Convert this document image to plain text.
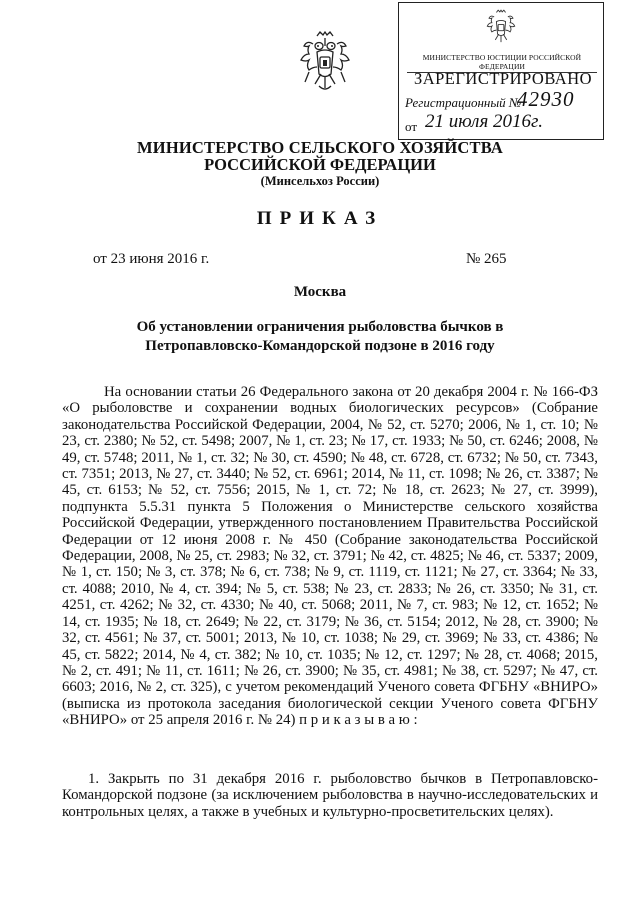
МИНИСТЕРСТВО ЮСТИЦИИ РОССИЙСКОЙ ФЕДЕРАЦИИ
ЗАРЕГИСТРИРОВАНО
Регистрационный №
42930
от 21 июля 2016г.
МИНИСТЕРСТВО СЕЛЬСКОГО ХОЗЯЙСТВА
РОССИЙСКОЙ ФЕДЕРАЦИИ
(Минсельхоз России)
ПРИКАЗ
от 23 июня 2016 г.	№ 265
Москва
Об установлении ограничения рыболовства бычков в Петропавловско-Командорской подзоне в 2016 году

На основании статьи 26 Федерального закона от 20 декабря 2004 г. № 166-ФЗ «О рыболовстве и сохранении водных биологических ресурсов» (Собрание законодательства Российской Федерации, 2004, № 52, ст. 5270; 2006, № 1, ст. 10; № 23, ст. 2380; № 52, ст. 5498; 2007, № 1, ст. 23; № 17, ст. 1933; № 50, ст. 6246; 2008, № 49, ст. 5748; 2011, № 1, ст. 32; № 30, ст. 4590; № 48, ст. 6728, ст. 6732; № 50, ст. 7343, ст. 7351; 2013, № 27, ст. 3440; № 52, ст. 6961; 2014, № 11, ст. 1098; № 26, ст. 3387; № 45, ст. 6153; № 52, ст. 7556; 2015, № 1, ст. 72; № 18, ст. 2623; № 27, ст. 3999), подпункта 5.5.31 пункта 5 Положения о Министерстве сельского хозяйства Российской Федерации, утвержденного постановлением Правительства Российской Федерации от 12 июня 2008 г. № 450 (Собрание законодательства Российской Федерации, 2008, № 25, ст. 2983; № 32, ст. 3791; № 42, ст. 4825; № 46, ст. 5337; 2009, № 1, ст. 150; № 3, ст. 378; № 6, ст. 738; № 9, ст. 1119, ст. 1121; № 27, ст. 3364; № 33, ст. 4088; 2010, № 4, ст. 394; № 5, ст. 538; № 23, ст. 2833; № 26, ст. 3350; № 31, ст. 4251, ст. 4262; № 32, ст. 4330; № 40, ст. 5068; 2011, № 7, ст. 983; № 12, ст. 1652; № 14, ст. 1935; № 18, ст. 2649; № 22, ст. 3179; № 36, ст. 5154; 2012, № 28, ст. 3900; № 32, ст. 4561; № 37, ст. 5001; 2013, № 10, ст. 1038; № 29, ст. 3969; № 33, ст. 4386; № 45, ст. 5822; 2014, № 4, ст. 382; № 10, ст. 1035; № 12, ст. 1297; № 28, ст. 4068; 2015, № 2, ст. 491; № 11, ст. 1611; № 26, ст. 3900; № 35, ст. 4981; № 38, ст. 5297; № 47, ст. 6603; 2016, № 2, ст. 325), с учетом рекомендаций Ученого совета ФГБНУ «ВНИРО» (выписка из протокола заседания биологической секции Ученого совета ФГБНУ «ВНИРО» от 25 апреля 2016 г. № 24) п р и к а з ы в а ю :

1. Закрыть по 31 декабря 2016 г. рыболовство бычков в Петропавловско-Командорской подзоне (за исключением рыболовства в научно-исследовательских и контрольных целях, а также в учебных и культурно-просветительских целях).
